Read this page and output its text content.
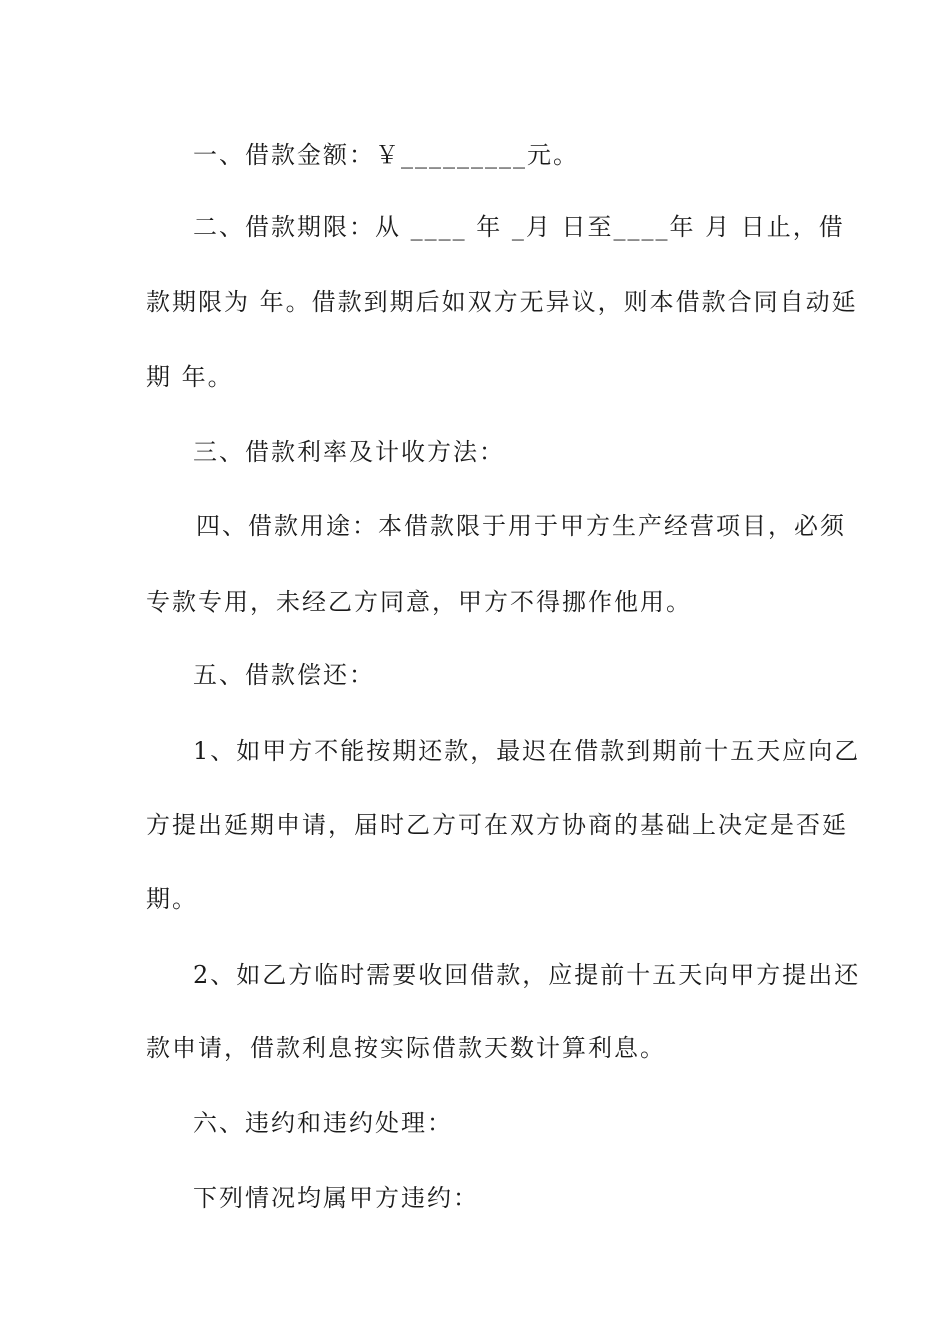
一、借款金额：￥_________元。
二、借款期限：从 ____ 年 _月 日至____年 月 日止，借
款期限为 年。借款到期后如双方无异议，则本借款合同自动延
期 年。
三、借款利率及计收方法：
四、借款用途：本借款限于用于甲方生产经营项目，必须
专款专用，未经乙方同意，甲方不得挪作他用。
五、借款偿还：
1、如甲方不能按期还款，最迟在借款到期前十五天应向乙
方提出延期申请，届时乙方可在双方协商的基础上决定是否延
期。
2、如乙方临时需要收回借款，应提前十五天向甲方提出还
款申请，借款利息按实际借款天数计算利息。
六、违约和违约处理：
下列情况均属甲方违约：
